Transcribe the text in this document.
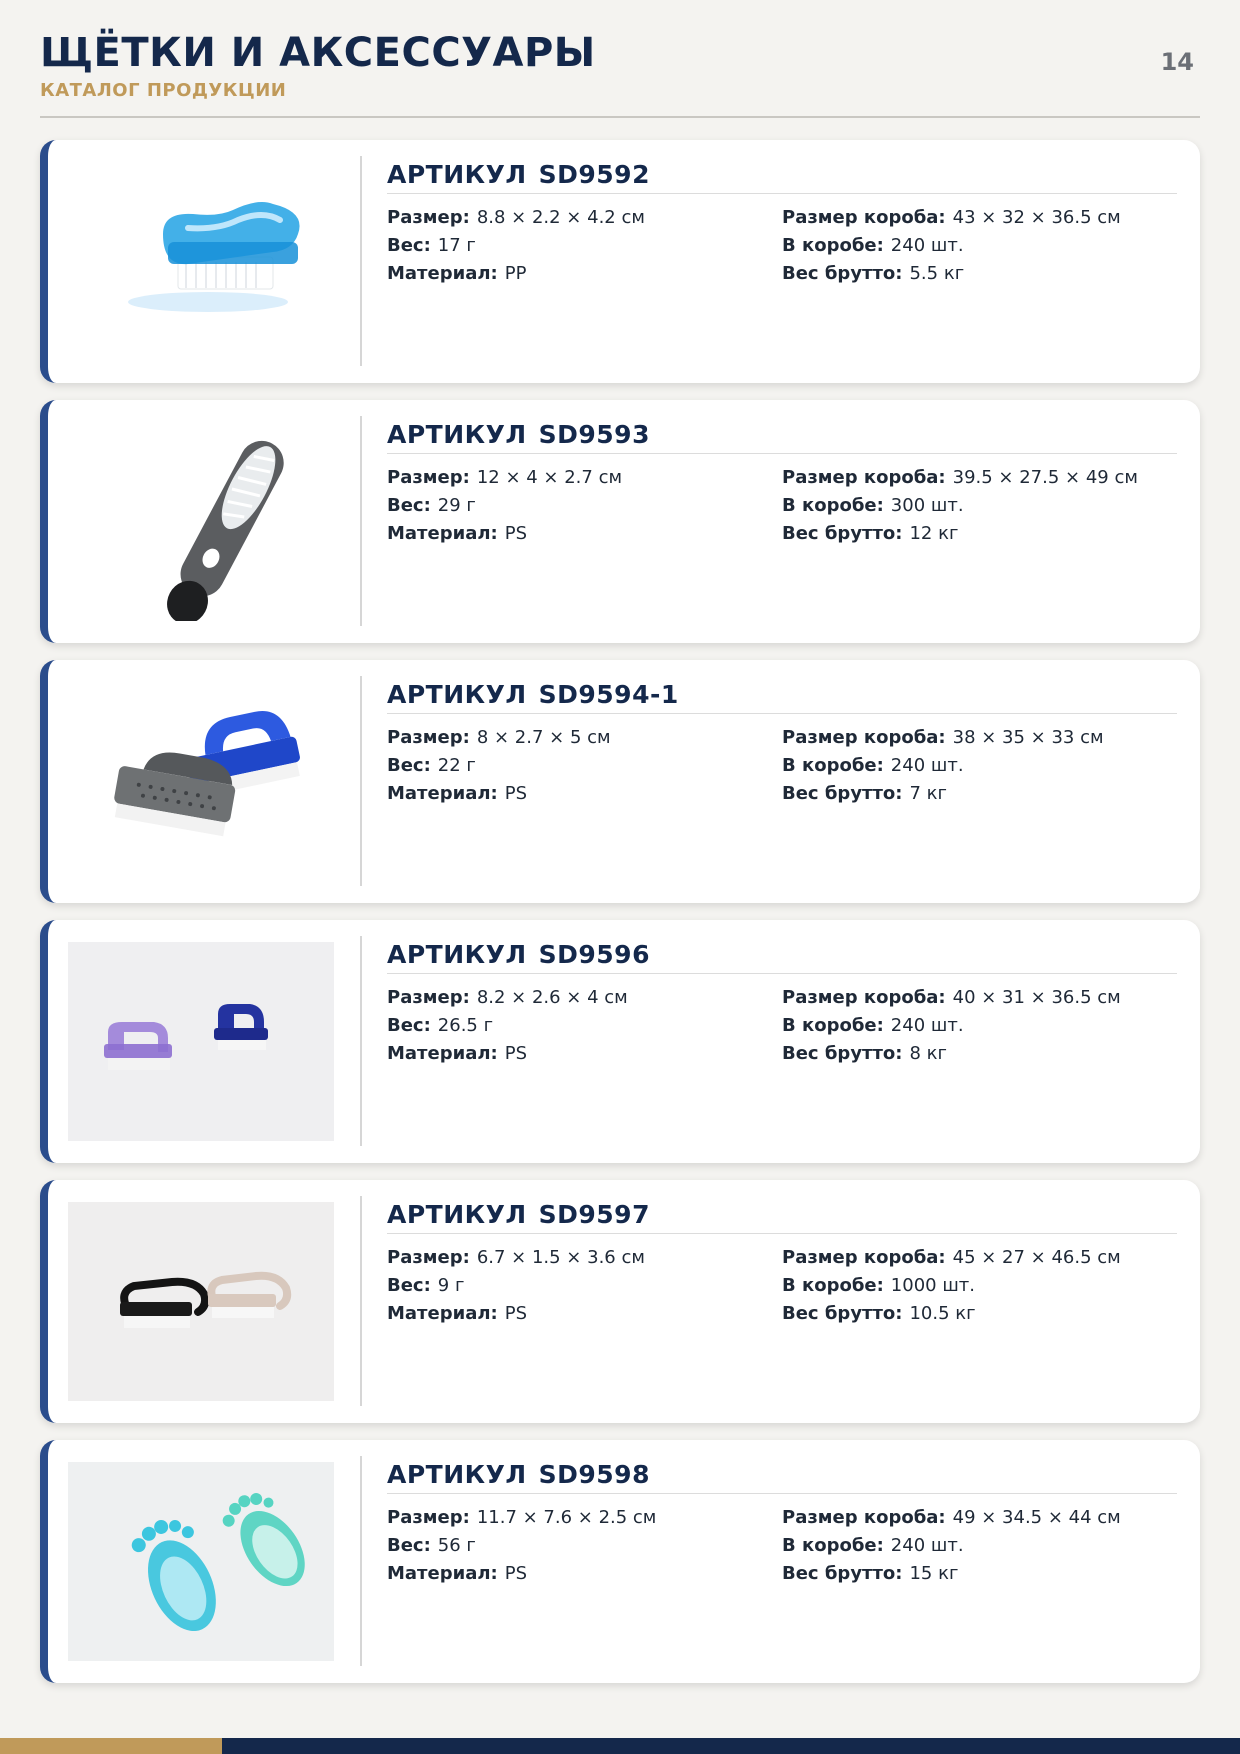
ЩЁТКИ И АКСЕССУАРЫ
КАТАЛОГ ПРОДУКЦИИ
14
АРТИКУЛ SD9592
Размер: 8.8 × 2.2 × 4.2 см
Вес: 17 г
Материал: PP
Размер короба: 43 × 32 × 36.5 см
В коробе: 240 шт.
Вес брутто: 5.5 кг
АРТИКУЛ SD9593
Размер: 12 × 4 × 2.7 см
Вес: 29 г
Материал: PS
Размер короба: 39.5 × 27.5 × 49 см
В коробе: 300 шт.
Вес брутто: 12 кг
АРТИКУЛ SD9594-1
Размер: 8 × 2.7 × 5 см
Вес: 22 г
Материал: PS
Размер короба: 38 × 35 × 33 см
В коробе: 240 шт.
Вес брутто: 7 кг
АРТИКУЛ SD9596
Размер: 8.2 × 2.6 × 4 см
Вес: 26.5 г
Материал: PS
Размер короба: 40 × 31 × 36.5 см
В коробе: 240 шт.
Вес брутто: 8 кг
АРТИКУЛ SD9597
Размер: 6.7 × 1.5 × 3.6 см
Вес: 9 г
Материал: PS
Размер короба: 45 × 27 × 46.5 см
В коробе: 1000 шт.
Вес брутто: 10.5 кг
АРТИКУЛ SD9598
Размер: 11.7 × 7.6 × 2.5 см
Вес: 56 г
Материал: PS
Размер короба: 49 × 34.5 × 44 см
В коробе: 240 шт.
Вес брутто: 15 кг
